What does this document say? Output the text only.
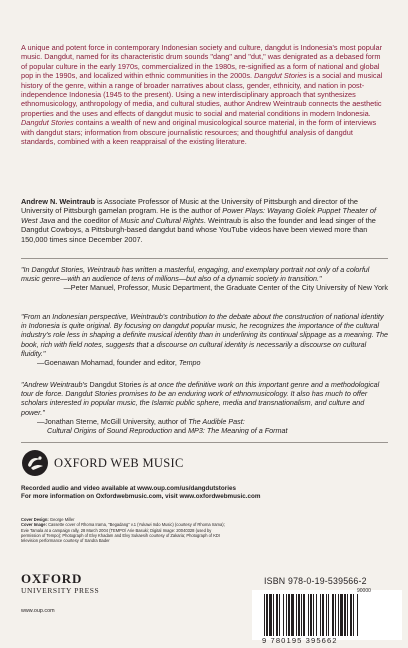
A unique and potent force in contemporary Indonesian society and culture, dangdut is Indonesia's most popular music. Dangdut, named for its characteristic drum sounds "dang" and "dut," was denigrated as a debased form of popular culture in the early 1970s, commercialized in the 1980s, re-signified as a form of national and global pop in the 1990s, and localized within ethnic communities in the 2000s. Dangdut Stories is a social and musical history of the genre, within a range of broader narratives about class, gender, ethnicity, and nation in post-independence Indonesia (1945 to the present). Using a new interdisciplinary approach that synthesizes ethnomusicology, anthropology of media, and cultural studies, author Andrew Weintraub connects the aesthetic properties and the uses and effects of dangdut music to social and material conditions in modern Indonesia. Dangdut Stories contains a wealth of new and original musicological source material, in the form of interviews with dangdut stars; information from obscure journalistic resources; and thoughtful analysis of dangdut standards, combined with a keen reappraisal of the existing literature.
Andrew N. Weintraub is Associate Professor of Music at the University of Pittsburgh and director of the University of Pittsburgh gamelan program. He is the author of Power Plays: Wayang Golek Puppet Theater of West Java and the coeditor of Music and Cultural Rights. Weintraub is also the founder and lead singer of the Dangdut Cowboys, a Pittsburgh-based dangdut band whose YouTube videos have been viewed more than 150,000 times since December 2007.
"In Dangdut Stories, Weintraub has written a masterful, engaging, and exemplary portrait not only of a colorful music genre—with an audience of tens of millions—but also of a dynamic society in transition."
—Peter Manuel, Professor, Music Department, the Graduate Center of the City University of New York
"From an Indonesian perspective, Weintraub's contribution to the debate about the construction of national identity in Indonesia is quite original. By focusing on dangdut popular music, he recognizes the importance of the cultural industry's role less in shaping a definite musical identity than in underlining its continual slippage as a meaning. The book, rich with field notes, suggests that a discourse on cultural identity is necessarily a discourse on cultural fluidity."
—Goenawan Mohamad, founder and editor, Tempo
"Andrew Weintraub's Dangdut Stories is at once the definitive work on this important genre and a methodological tour de force. Dangdut Stories promises to be an enduring work of ethnomusicology. It also has much to offer scholars interested in popular music, the Islamic public sphere, media and transnationalism, and culture and power."
—Jonathan Sterne, McGill University, author of The Audible Past:
Cultural Origins of Sound Reproduction and MP3: The Meaning of a Format
OXFORD WEB MUSIC
Recorded audio and video available at www.oup.com/us/dangdutstories
For more information on Oxfordwebmusic.com, visit www.oxfordwebmusic.com
Cover Design: George Miller
Cover Image: Cassette cover of Rhoma Irama, "Begadang" v.1 (Yukawi Indo Music) (courtesy of Rhoma Irama); Evie Tamala at a campaign rally, 28 March 2004 (TEMPO/ Arie Basuki; Digital Image: 20040328 (used by permission of Tempo); Photograph of Elvy Khadam and Elvy Sukaesih courtesy of Zakaria; Photograph of KDI television performance courtesy of Sandra Bader
OXFORD
UNIVERSITY PRESS
www.oup.com
ISBN 978-0-19-539566-2
90000
9 780195 395662
